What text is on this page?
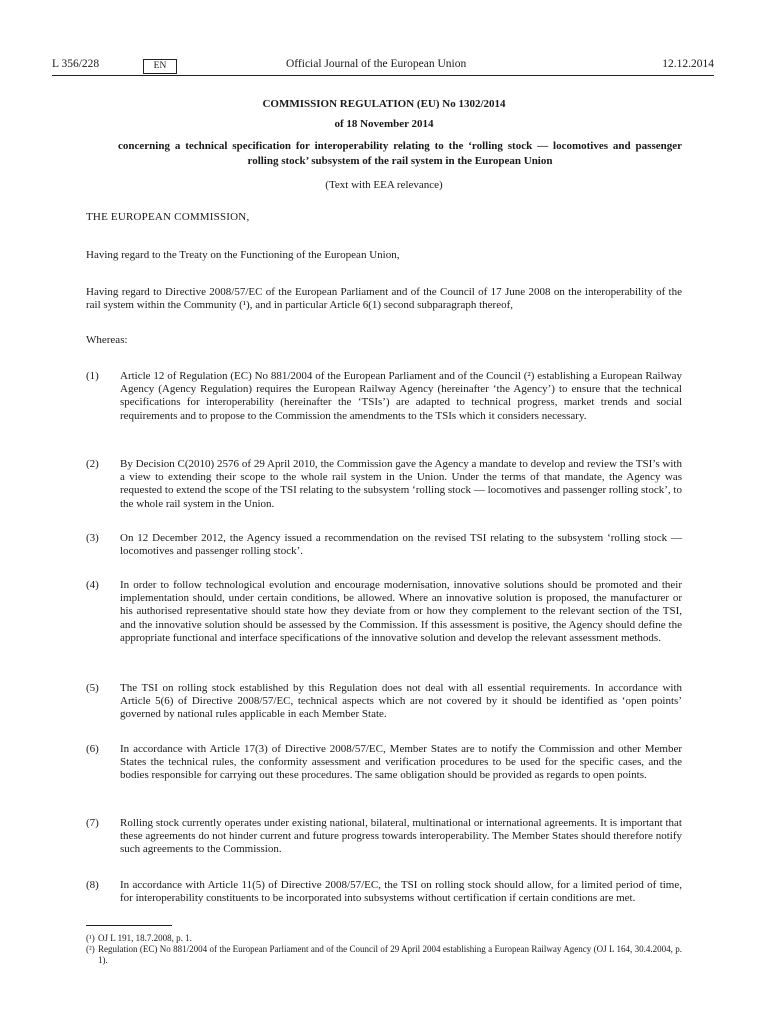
L 356/228	EN	Official Journal of the European Union	12.12.2014
COMMISSION REGULATION (EU) No 1302/2014
of 18 November 2014
concerning a technical specification for interoperability relating to the ‘rolling stock — locomotives and passenger rolling stock’ subsystem of the rail system in the European Union
(Text with EEA relevance)
THE EUROPEAN COMMISSION,
Having regard to the Treaty on the Functioning of the European Union,
Having regard to Directive 2008/57/EC of the European Parliament and of the Council of 17 June 2008 on the interoperability of the rail system within the Community (¹), and in particular Article 6(1) second subparagraph thereof,
Whereas:
(1) Article 12 of Regulation (EC) No 881/2004 of the European Parliament and of the Council (²) establishing a European Railway Agency (Agency Regulation) requires the European Railway Agency (hereinafter ‘the Agency’) to ensure that the technical specifications for interoperability (hereinafter the ‘TSIs’) are adapted to technical progress, market trends and social requirements and to propose to the Commission the amendments to the TSIs which it considers necessary.
(2) By Decision C(2010) 2576 of 29 April 2010, the Commission gave the Agency a mandate to develop and review the TSI’s with a view to extending their scope to the whole rail system in the Union. Under the terms of that mandate, the Agency was requested to extend the scope of the TSI relating to the subsystem ‘rolling stock — locomotives and passenger rolling stock’, to the whole rail system in the Union.
(3) On 12 December 2012, the Agency issued a recommendation on the revised TSI relating to the subsystem ‘rolling stock — locomotives and passenger rolling stock’.
(4) In order to follow technological evolution and encourage modernisation, innovative solutions should be promoted and their implementation should, under certain conditions, be allowed. Where an innovative solution is proposed, the manufacturer or his authorised representative should state how they deviate from or how they complement to the relevant section of the TSI, and the innovative solution should be assessed by the Commission. If this assessment is positive, the Agency should define the appropriate functional and interface specifications of the innovative solution and develop the relevant assessment methods.
(5) The TSI on rolling stock established by this Regulation does not deal with all essential requirements. In accordance with Article 5(6) of Directive 2008/57/EC, technical aspects which are not covered by it should be identified as ‘open points’ governed by national rules applicable in each Member State.
(6) In accordance with Article 17(3) of Directive 2008/57/EC, Member States are to notify the Commission and other Member States the technical rules, the conformity assessment and verification procedures to be used for the specific cases, and the bodies responsible for carrying out these procedures. The same obligation should be provided as regards to open points.
(7) Rolling stock currently operates under existing national, bilateral, multinational or international agreements. It is important that these agreements do not hinder current and future progress towards interoperability. The Member States should therefore notify such agreements to the Commission.
(8) In accordance with Article 11(5) of Directive 2008/57/EC, the TSI on rolling stock should allow, for a limited period of time, for interoperability constituents to be incorporated into subsystems without certification if certain conditions are met.
(¹) OJ L 191, 18.7.2008, p. 1.
(²) Regulation (EC) No 881/2004 of the European Parliament and of the Council of 29 April 2004 establishing a European Railway Agency (OJ L 164, 30.4.2004, p. 1).
